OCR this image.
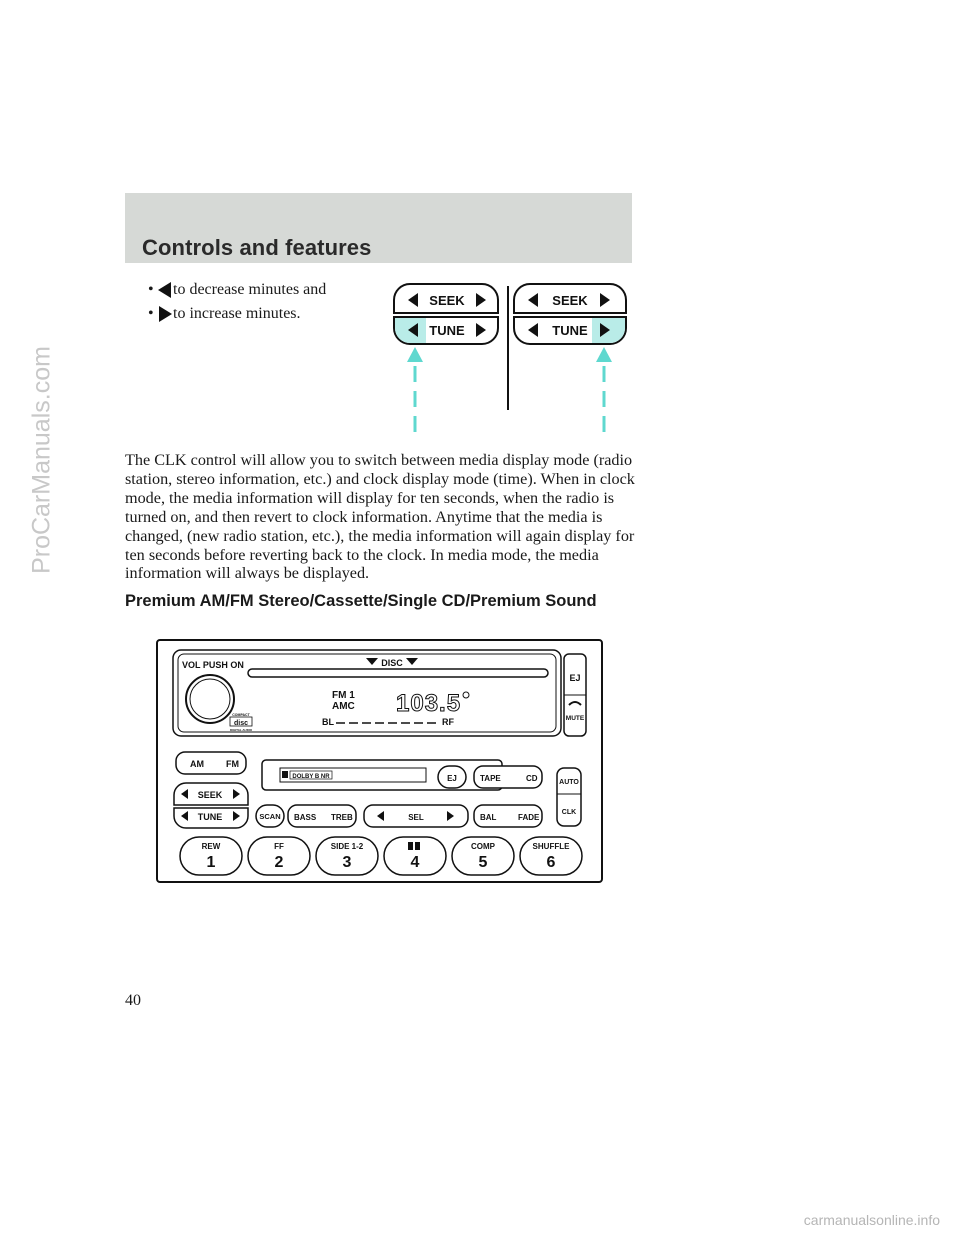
Controls and features
• to decrease minutes and
• to increase minutes.
SEEK
TUNE
SEEK
TUNE

The CLK control will allow you to switch between media display mode (radio station, stereo information, etc.) and clock display mode (time). When in clock mode, the media information will display for ten seconds, when the radio is turned on, and then revert to clock information. Anytime that the media is changed, (new radio station, etc.), the media information will again display for ten seconds before reverting back to the clock. In media mode, the media information will always be displayed.

Premium AM/FM Stereo/Cassette/Single CD/Premium Sound
VOL PUSH ON
COMPACT
disc
DIGITAL AUDIO
DISC
FM 1
AMC 103.5
BL	RF
EJ
MUTE
AM FM
DOLBY B NR	EJ	TAPE	CD	AUTO
CLK
SEEK
TUNE	SCAN BASS TREB	SEL	BAL	FADE
REW
1
FF
2
SIDE 1-2
3	4
COMP
5
SHUFFLE
6
40
ProCarManuals.com
carmanualsonline.info
